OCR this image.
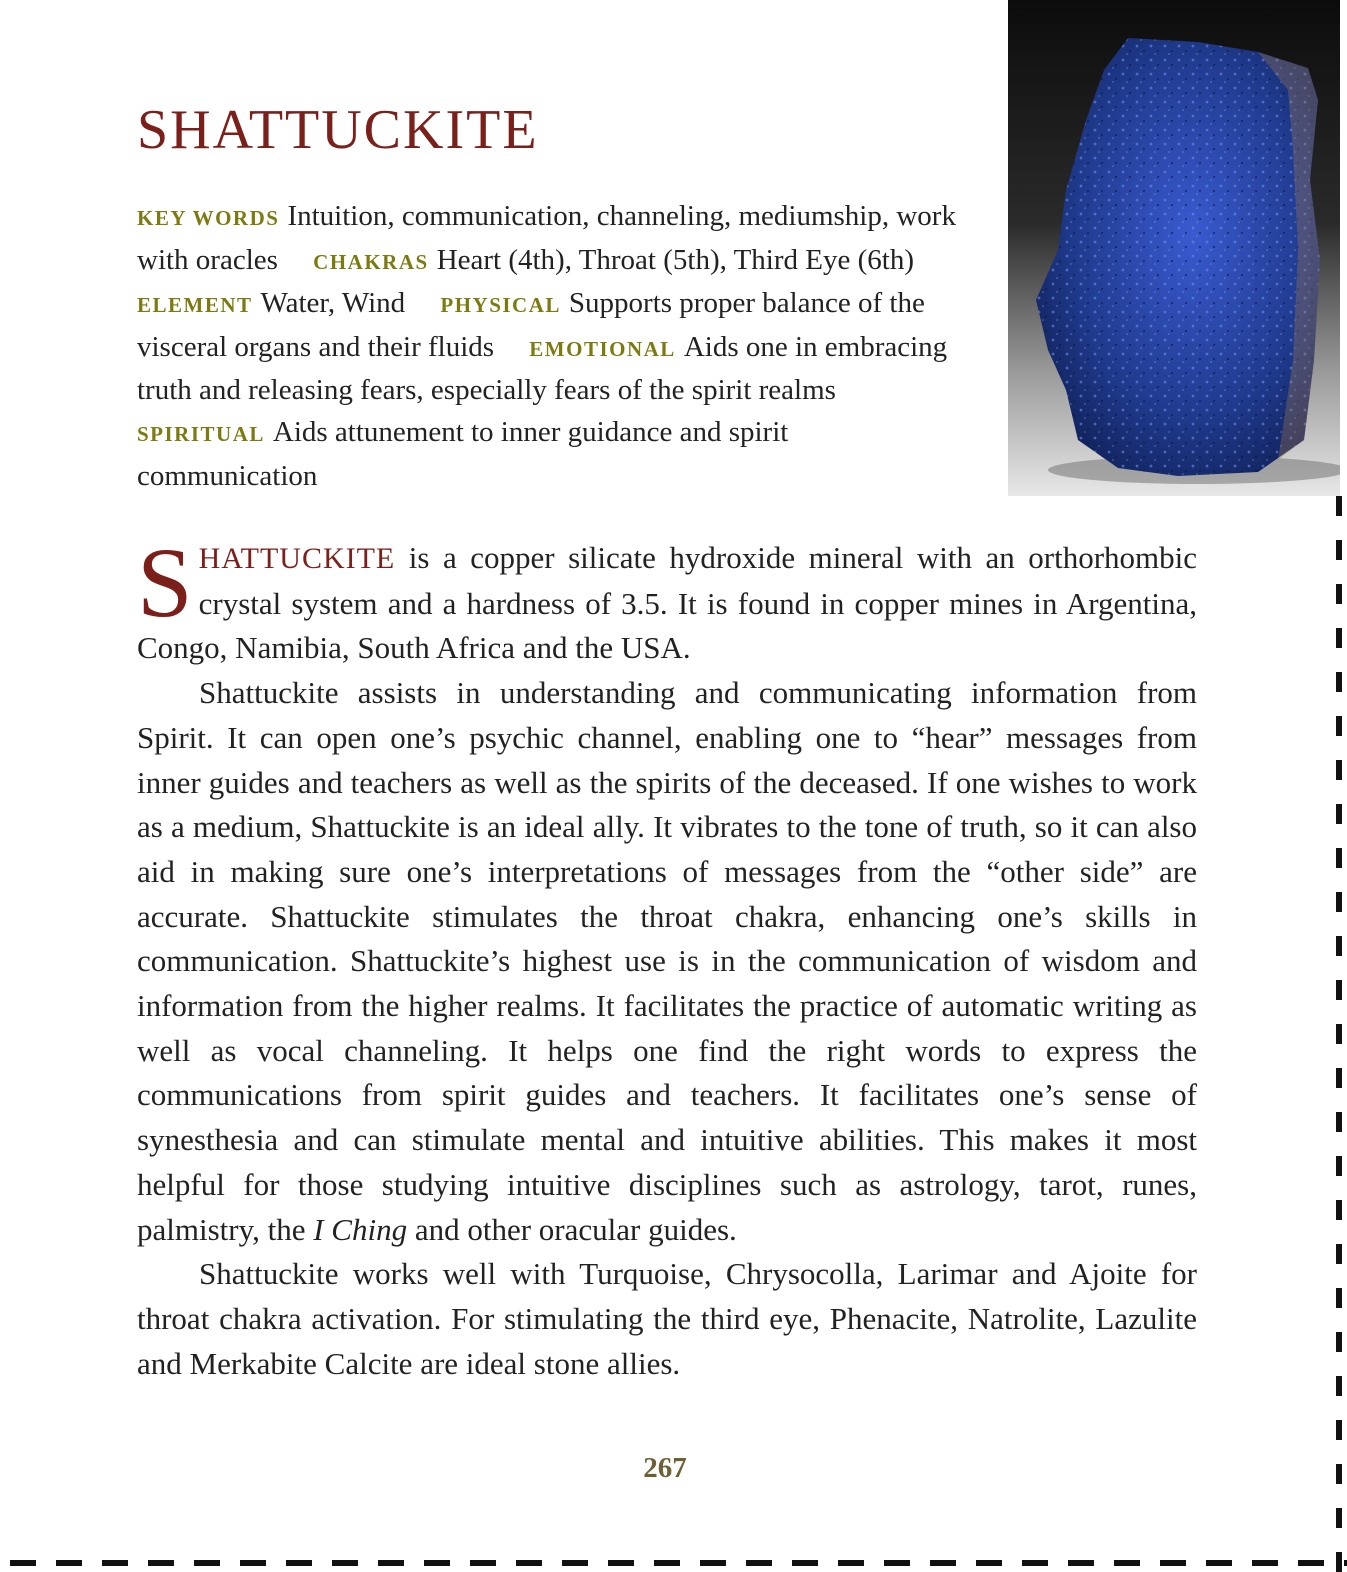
SHATTUCKITE
KEY WORDS Intuition, communication, channeling, mediumship, work with oracles CHAKRAS Heart (4th), Throat (5th), Third Eye (6th) ELEMENT Water, Wind PHYSICAL Supports proper balance of the visceral organs and their fluids EMOTIONAL Aids one in embracing truth and releasing fears, especially fears of the spirit realms SPIRITUAL Aids attunement to inner guidance and spirit communication

SHATTUCKITE is a copper silicate hydroxide mineral with an orthorhombic crystal system and a hardness of 3.5. It is found in copper mines in Argentina, Congo, Namibia, South Africa and the USA.

Shattuckite assists in understanding and communicating information from Spirit. It can open one’s psychic channel, enabling one to “hear” messages from inner guides and teachers as well as the spirits of the deceased. If one wishes to work as a medium, Shattuckite is an ideal ally. It vibrates to the tone of truth, so it can also aid in making sure one’s interpretations of messages from the “other side” are accurate. Shattuckite stimulates the throat chakra, enhancing one’s skills in communication. Shattuckite’s highest use is in the communication of wisdom and information from the higher realms. It facilitates the practice of automatic writing as well as vocal channeling. It helps one find the right words to express the communications from spirit guides and teachers. It facilitates one’s sense of synesthesia and can stimulate mental and intuitive abilities. This makes it most helpful for those studying intuitive disciplines such as astrology, tarot, runes, palmistry, the I Ching and other oracular guides.

Shattuckite works well with Turquoise, Chrysocolla, Larimar and Ajoite for throat chakra activation. For stimulating the third eye, Phenacite, Natrolite, Lazulite and Merkabite Calcite are ideal stone allies.

267
